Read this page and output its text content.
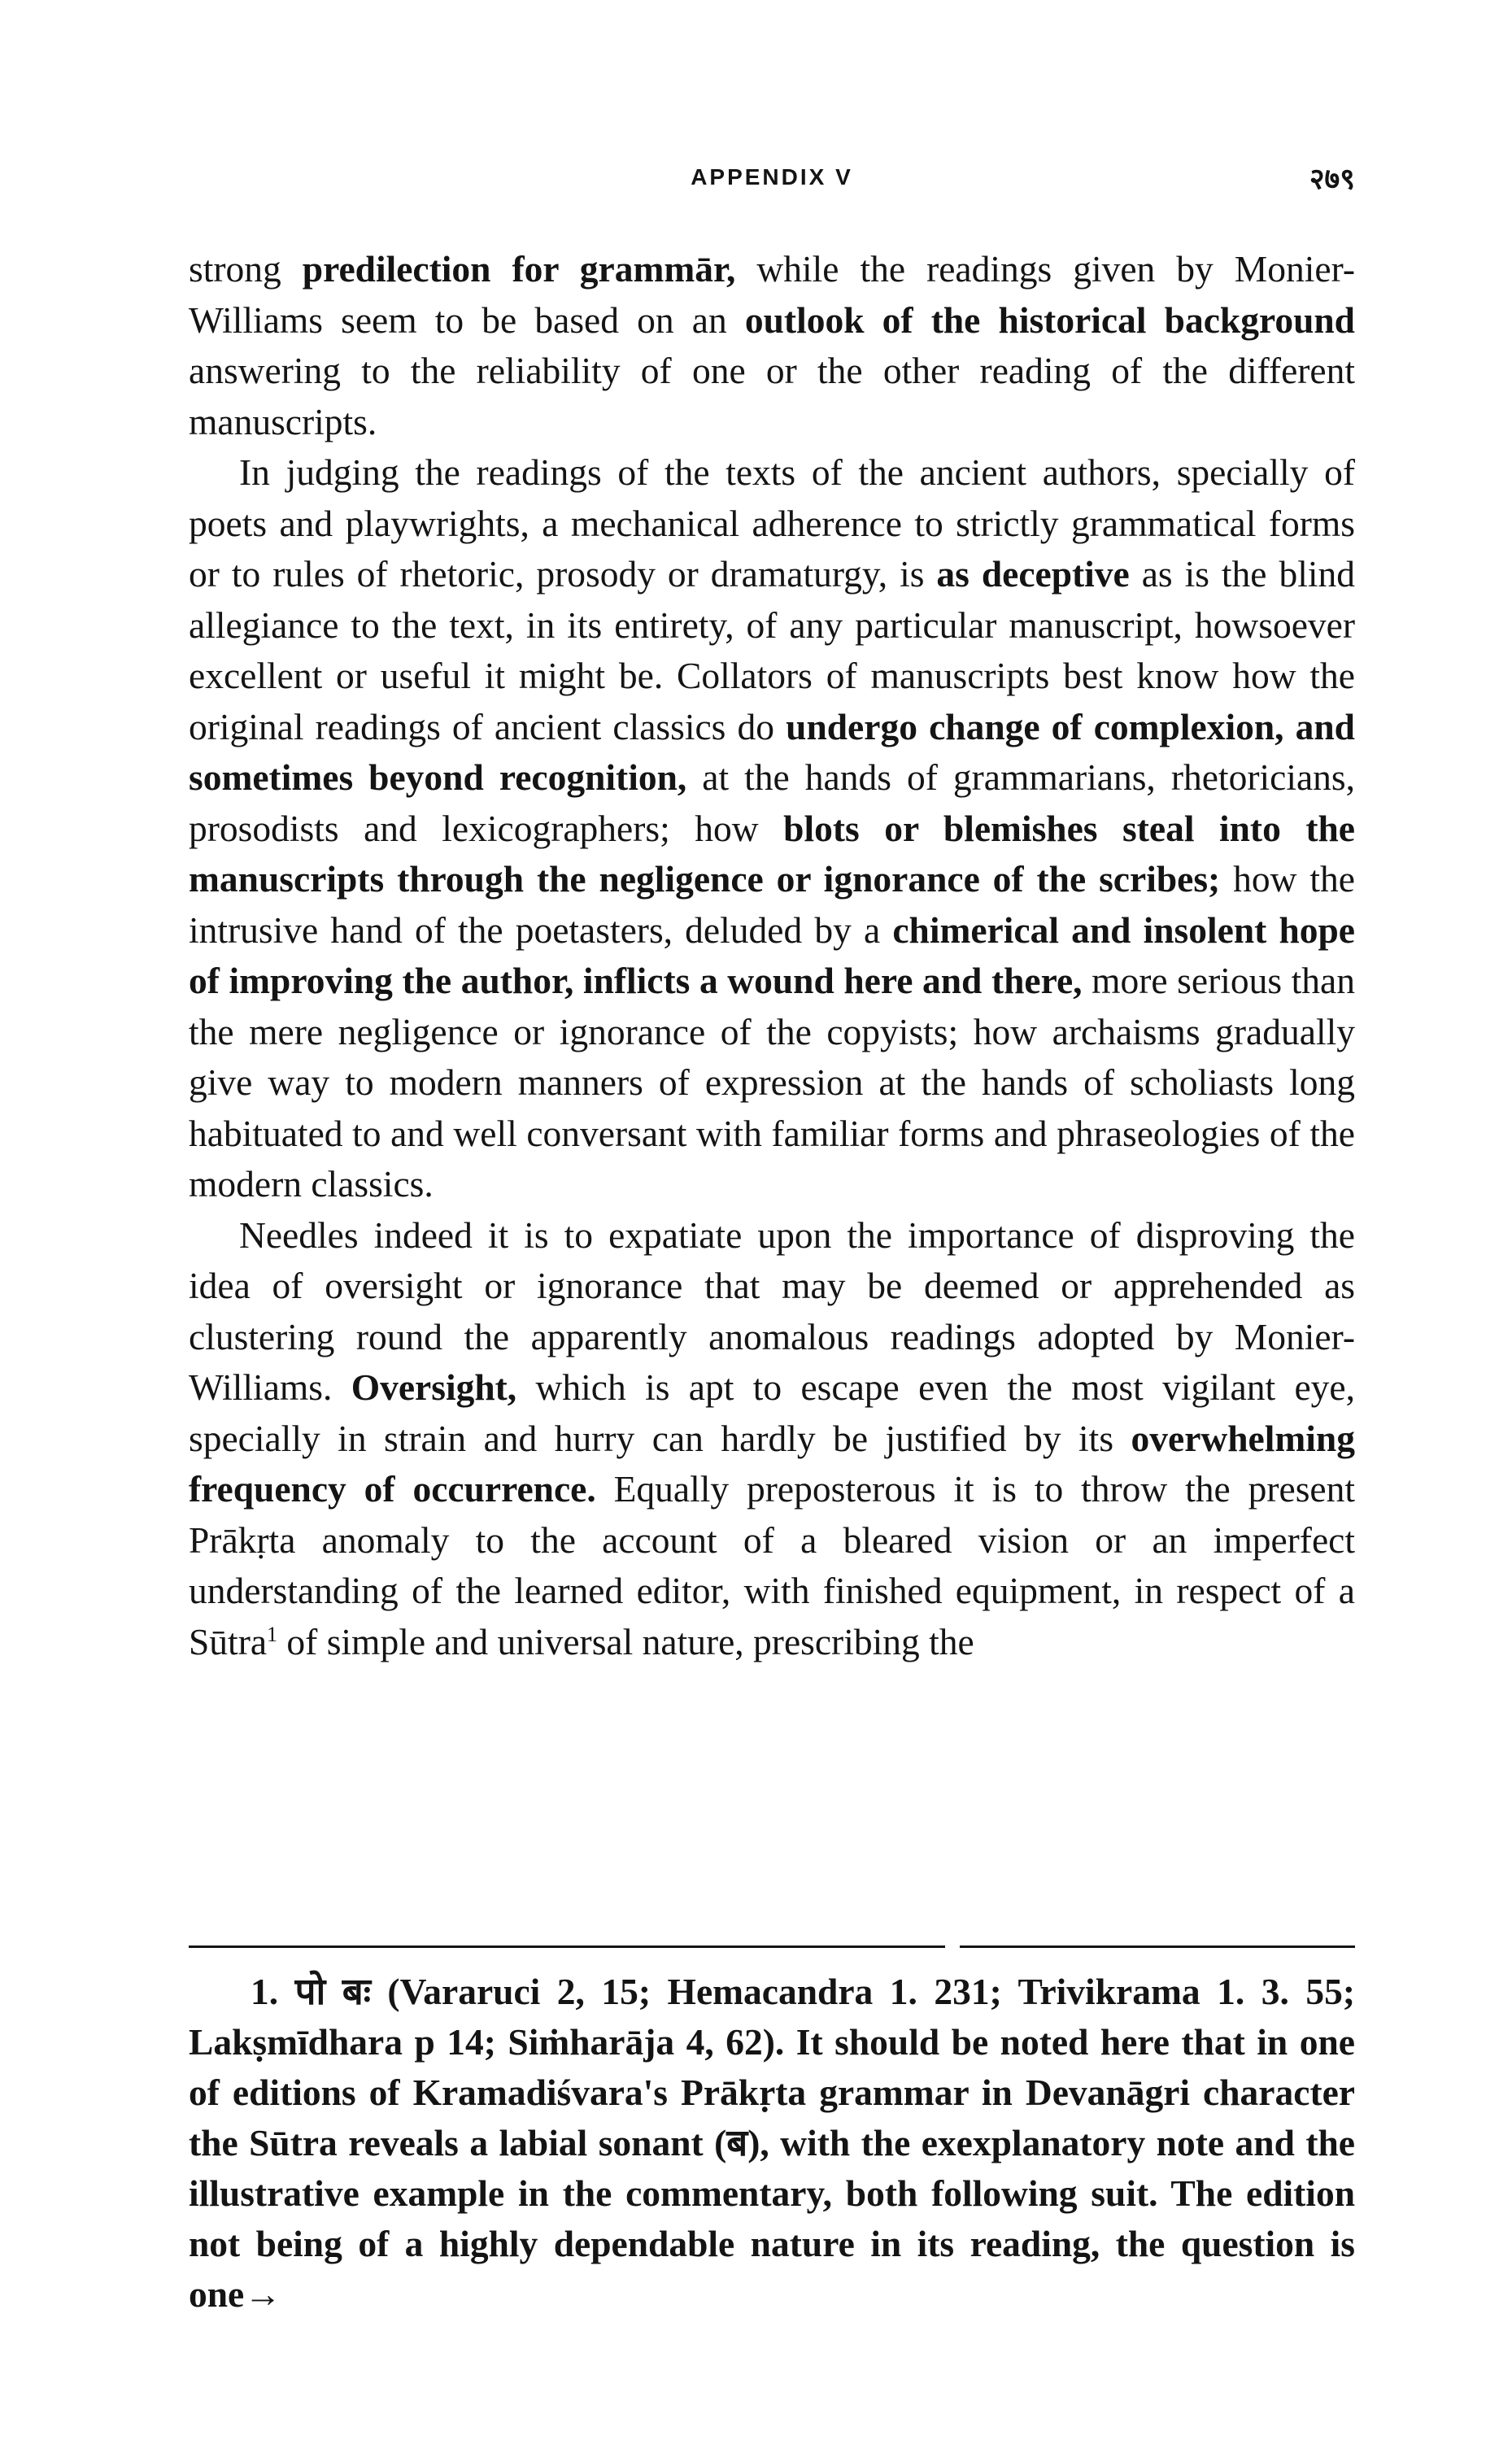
APPENDIX V	२७९

strong predilection for grammār, while the readings given by Monier-Williams seem to be based on an outlook of the historical background answering to the reliability of one or the other reading of the different manuscripts.

In judging the readings of the texts of the ancient authors, specially of poets and playwrights, a mechanical adherence to strictly grammatical forms or to rules of rhetoric, prosody or dramaturgy, is as deceptive as is the blind allegiance to the text, in its entirety, of any particular manuscript, howsoever excellent or useful it might be. Collators of manuscripts best know how the original readings of ancient classics do undergo change of complexion, and sometimes beyond recognition, at the hands of grammarians, rhetoricians, prosodists and lexicographers; how blots or blemishes steal into the manuscripts through the negligence or ignorance of the scribes; how the intrusive hand of the poetasters, deluded by a chimerical and insolent hope of improving the author, inflicts a wound here and there, more serious than the mere negligence or ignorance of the copyists; how archaisms gradually give way to modern manners of expression at the hands of scholiasts long habituated to and well conversant with familiar forms and phraseologies of the modern classics.

Needles indeed it is to expatiate upon the importance of disproving the idea of oversight or ignorance that may be deemed or apprehended as clustering round the apparently anomalous readings adopted by Monier-Williams. Oversight, which is apt to escape even the most vigilant eye, specially in strain and hurry can hardly be justified by its overwhelming frequency of occurrence. Equally preposterous it is to throw the present Prākṛta anomaly to the account of a bleared vision or an imperfect understanding of the learned editor, with finished equipment, in respect of a Sūtra$^1$ of simple and universal nature, prescribing the

1. पो बः (Vararuci 2, 15; Hemacandra 1. 231; Trivikrama 1. 3. 55; Lakṣmīdhara p 14; Siṁharāja 4, 62). It should be noted here that in one of editions of Kramadiśvara's Prākṛta grammar in Devanāgri character the Sūtra reveals a labial sonant (ब), with the exexplanatory note and the illustrative example in the commentary, both following suit. The edition not being of a highly dependable nature in its reading, the question is one→
